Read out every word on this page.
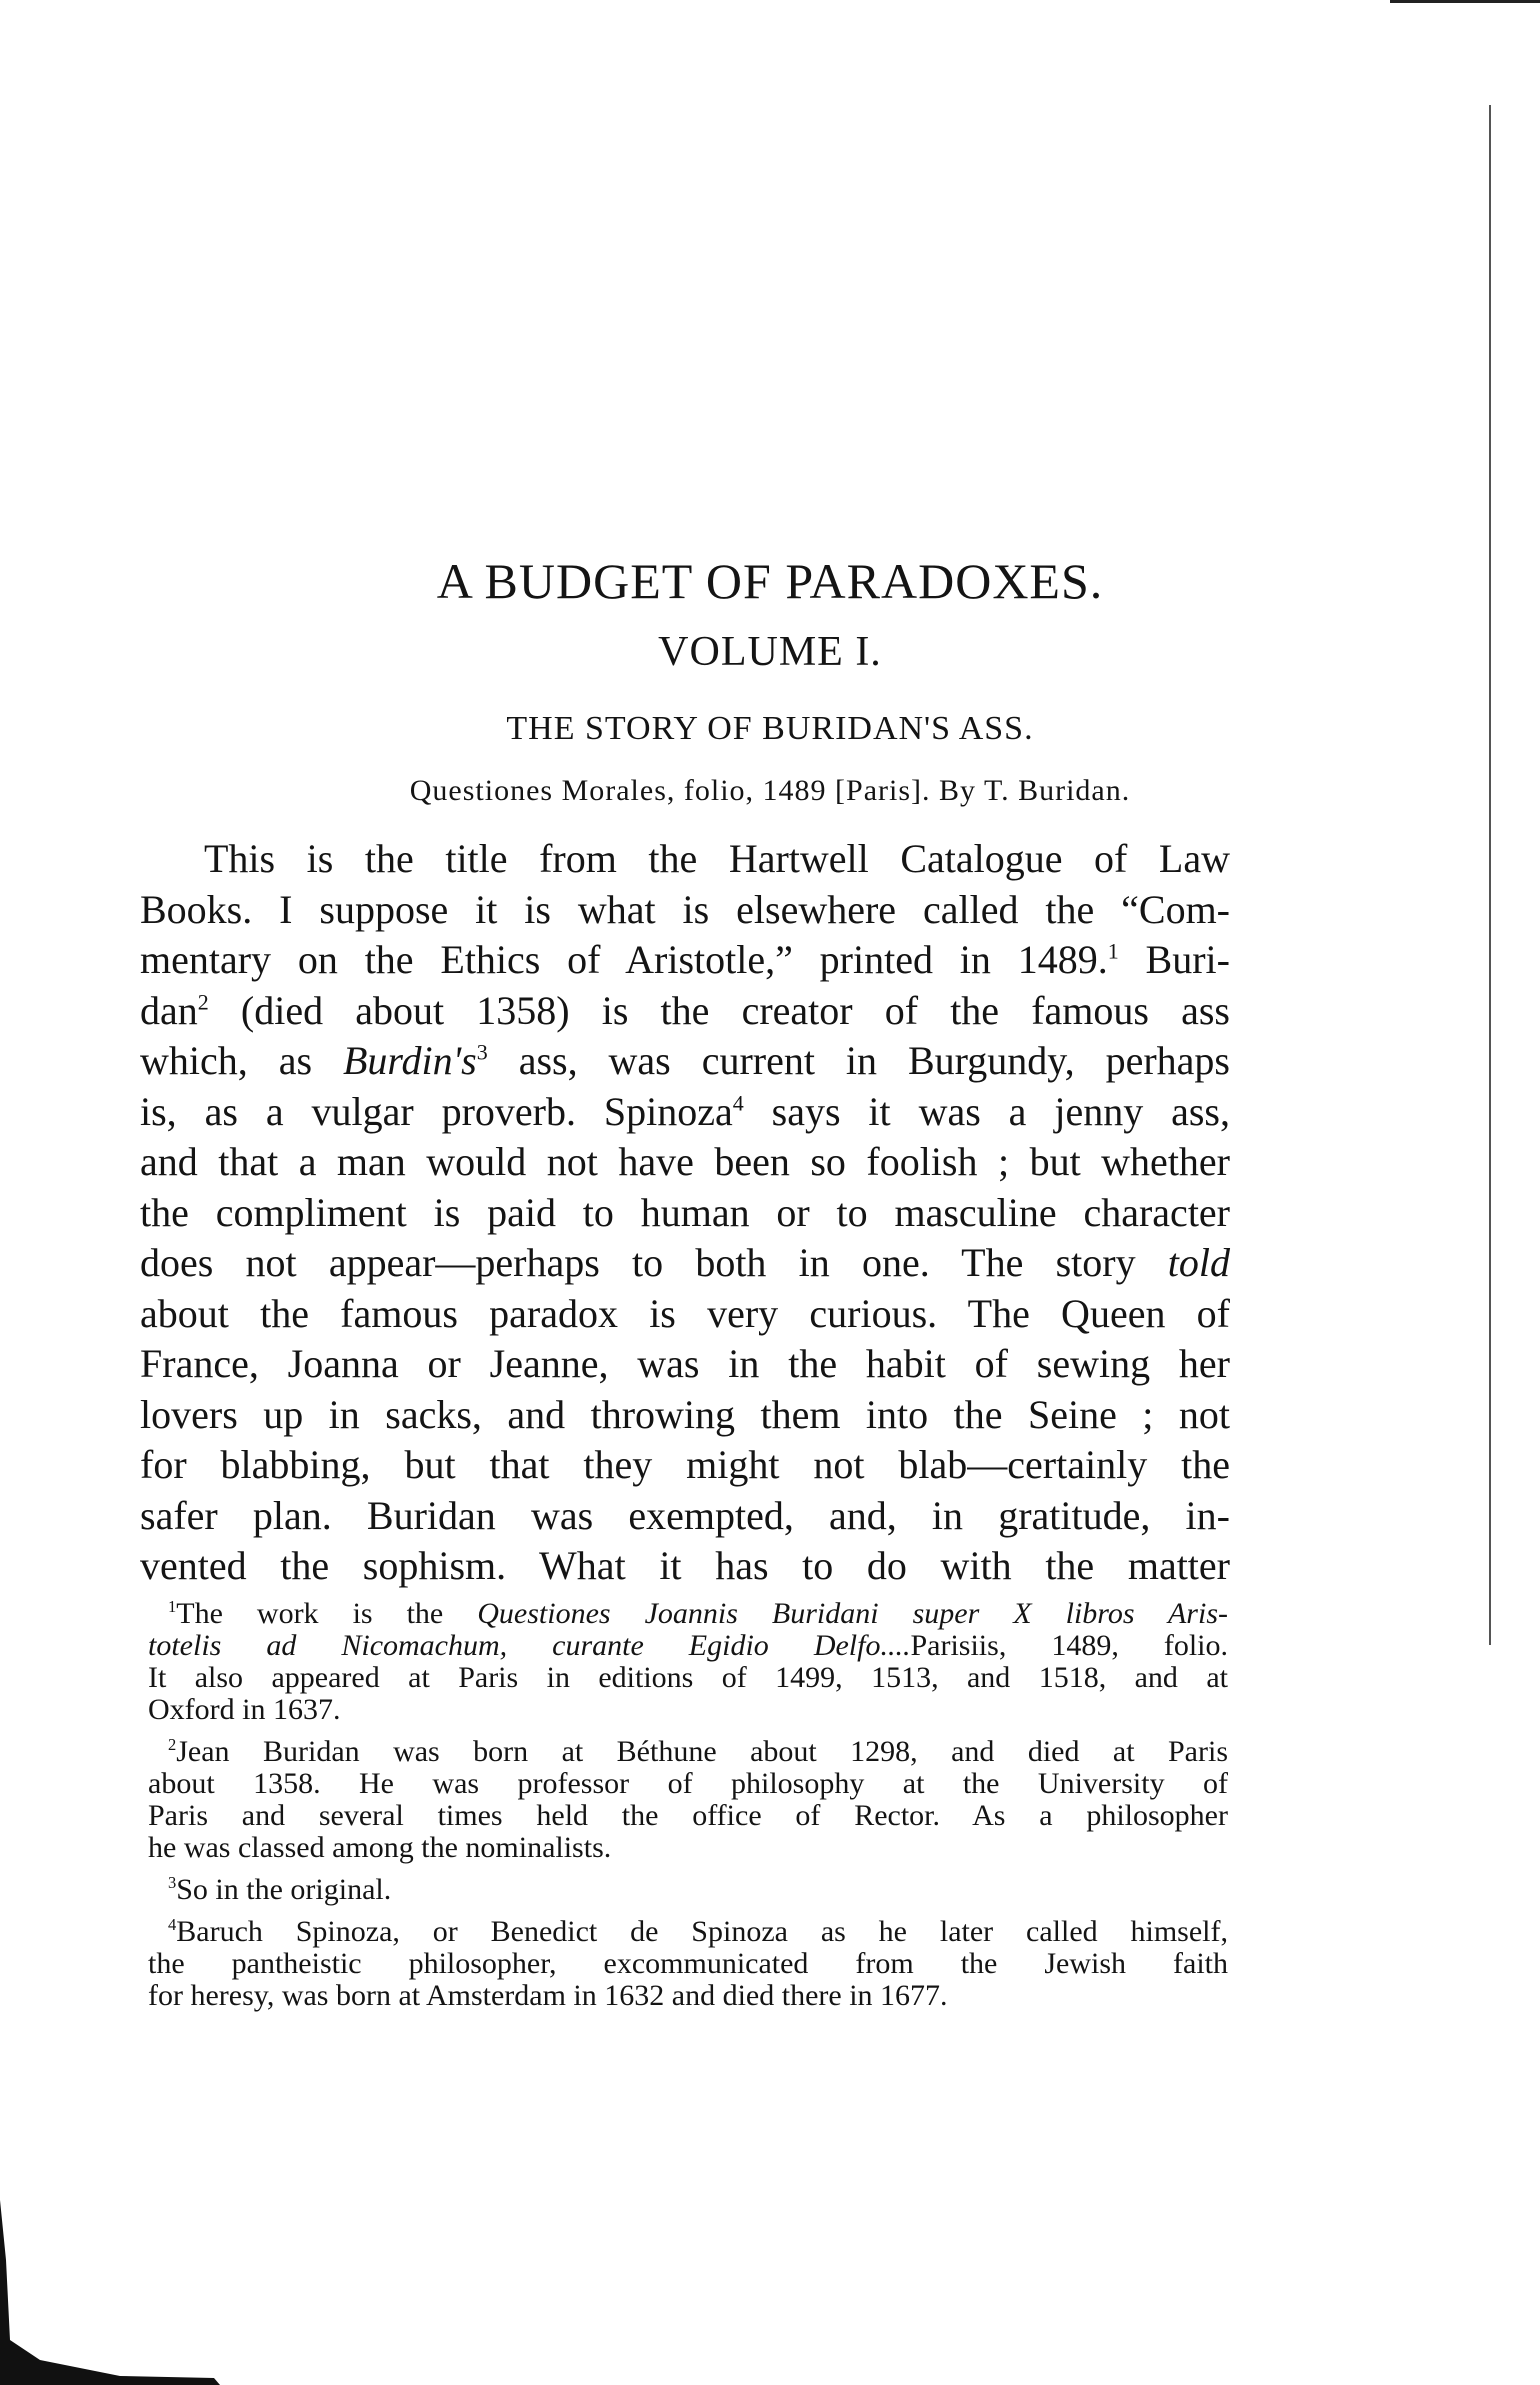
A BUDGET OF PARADOXES.
VOLUME I.
THE STORY OF BURIDAN'S ASS.
Questiones Morales, folio, 1489 [Paris]. By T. Buridan.
This is the title from the Hartwell Catalogue of Law
Books. I suppose it is what is elsewhere called the “Com-
mentary on the Ethics of Aristotle,” printed in 1489.$^1$ Buri-
dan$^2$ (died about 1358) is the creator of the famous ass
which, as $Burdin's^3$ ass, was current in Burgundy, perhaps
is, as a vulgar proverb. Spinoza$^4$ says it was a jenny ass,
and that a man would not have been so foolish ; but whether
the compliment is paid to human or to masculine character
does not appear—perhaps to both in one. The story told
about the famous paradox is very curious. The Queen of
France, Joanna or Jeanne, was in the habit of sewing her
lovers up in sacks, and throwing them into the Seine ; not
for blabbing, but that they might not blab—certainly the
safer plan. Buridan was exempted, and, in gratitude, in-
vented the sophism. What it has to do with the matter
$^1$The work is the Questiones Joannis Buridani super X libros Aris-
totelis ad Nicomachum, curante Egidio Delfo....Parisiis, 1489, folio.
It also appeared at Paris in editions of 1499, 1513, and 1518, and at
Oxford in 1637.
$^2$Jean Buridan was born at Béthune about 1298, and died at Paris
about 1358. He was professor of philosophy at the University of
Paris and several times held the office of Rector. As a philosopher
he was classed among the nominalists.
$^3$So in the original.
$^4$Baruch Spinoza, or Benedict de Spinoza as he later called himself,
the pantheistic philosopher, excommunicated from the Jewish faith
for heresy, was born at Amsterdam in 1632 and died there in 1677.
